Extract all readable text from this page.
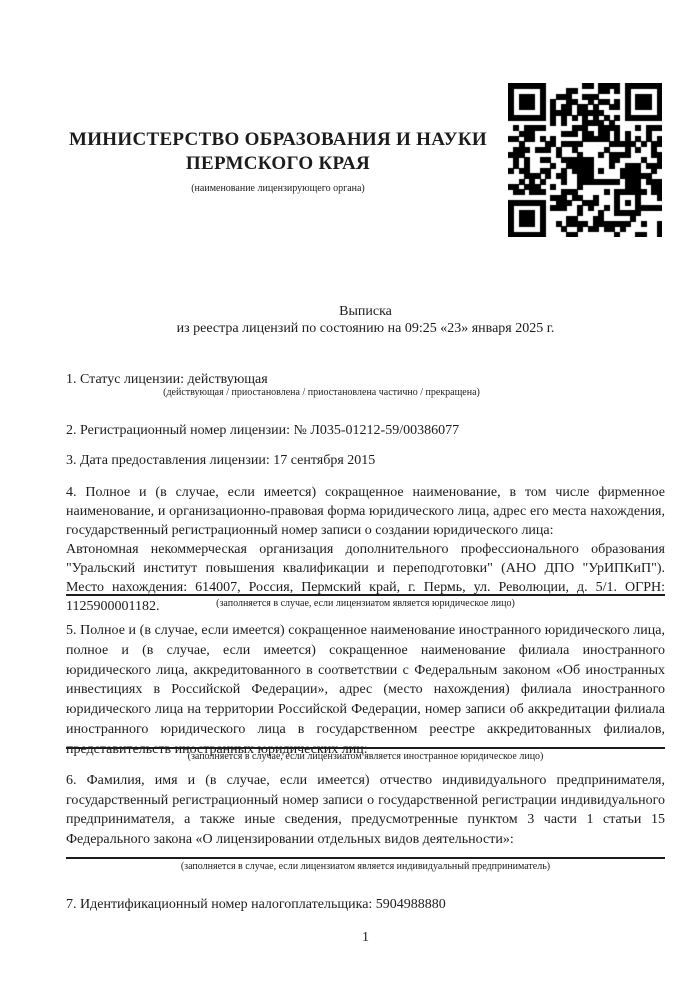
МИНИСТЕРСТВО ОБРАЗОВАНИЯ И НАУКИ
ПЕРМСКОГО КРАЯ
(наименование лицензирующего органа)
Выписка
из реестра лицензий по состоянию на 09:25 «23» января 2025 г.
1. Статус лицензии: действующая
(действующая / приостановлена / приостановлена частично / прекращена)
2. Регистрационный номер лицензии: № Л035-01212-59/00386077
3. Дата предоставления лицензии: 17 сентября 2015

4. Полное и (в случае, если имеется) сокращенное наименование, в том числе фирменное наименование, и организационно-правовая форма юридического лица, адрес его места нахождения, государственный регистрационный номер записи о создании юридического лица:

Автономная некоммерческая организация дополнительного профессионального образования "Уральский институт повышения квалификации и переподготовки" (АНО ДПО "УрИПКиП"). Место нахождения: 614007, Россия, Пермский край, г. Пермь, ул. Революции, д. 5/1. ОГРН: 1125900001182.	(заполняется в случае, если лицензиатом является юридическое лицо)

5. Полное и (в случае, если имеется) сокращенное наименование иностранного юридического лица, полное и (в случае, если имеется) сокращенное наименование филиала иностранного юридического лица, аккредитованного в соответствии с Федеральным законом «Об иностранных инвестициях в Российской Федерации», адрес (место нахождения) филиала иностранного юридического лица на территории Российской Федерации, номер записи об аккредитации филиала иностранного юридического лица в государственном реестре аккредитованных филиалов, представительств иностранных юридических лиц:

(заполняется в случае, если лицензиатом является иностранное юридическое лицо)

6. Фамилия, имя и (в случае, если имеется) отчество индивидуального предпринимателя, государственный регистрационный номер записи о государственной регистрации индивидуального предпринимателя, а также иные сведения, предусмотренные пунктом 3 части 1 статьи 15 Федерального закона «О лицензировании отдельных видов деятельности»:

(заполняется в случае, если лицензиатом является индивидуальный предприниматель)
7. Идентификационный номер налогоплательщика: 5904988880
1
